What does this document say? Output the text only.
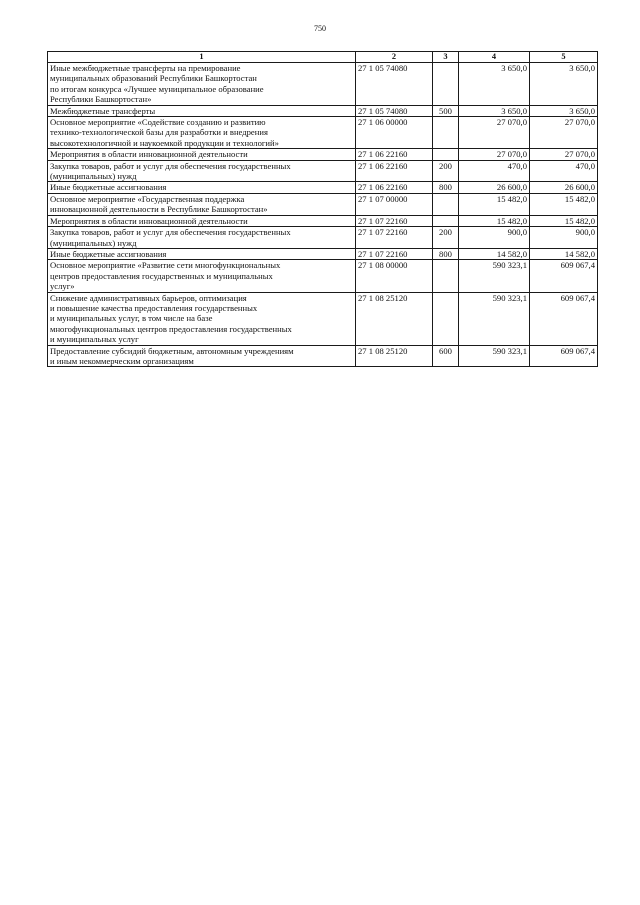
750
1	2	3	4	5
Иные межбюджетные трансферты на премирование
муниципальных образований Республики Башкортостан
по итогам конкурса «Лучшее муниципальное образование
Республики Башкортостан»	27 1 05 74080		3 650,0	3 650,0
Межбюджетные трансферты	27 1 05 74080	500	3 650,0	3 650,0
Основное мероприятие «Содействие созданию и развитию
технико-технологической базы для разработки и внедрения
высокотехнологичной и наукоемкой продукции и технологий»	27 1 06 00000		27 070,0	27 070,0
Мероприятия в области инновационной деятельности	27 1 06 22160		27 070,0	27 070,0
Закупка товаров, работ и услуг для обеспечения государственных
(муниципальных) нужд	27 1 06 22160	200	470,0	470,0
Иные бюджетные ассигнования	27 1 06 22160	800	26 600,0	26 600,0
Основное мероприятие «Государственная поддержка
инновационной деятельности в Республике Башкортостан»	27 1 07 00000		15 482,0	15 482,0
Мероприятия в области инновационной деятельности	27 1 07 22160		15 482,0	15 482,0
Закупка товаров, работ и услуг для обеспечения государственных
(муниципальных) нужд	27 1 07 22160	200	900,0	900,0
Иные бюджетные ассигнования	27 1 07 22160	800	14 582,0	14 582,0
Основное мероприятие «Развитие сети многофункциональных
центров предоставления государственных и муниципальных
услуг»	27 1 08 00000		590 323,1	609 067,4
Снижение административных барьеров, оптимизация
и повышение качества предоставления государственных
и муниципальных услуг, в том числе на базе
многофункциональных центров предоставления государственных
и муниципальных услуг	27 1 08 25120		590 323,1	609 067,4
Предоставление субсидий бюджетным, автономным учреждениям
и иным некоммерческим организациям	27 1 08 25120	600	590 323,1	609 067,4
